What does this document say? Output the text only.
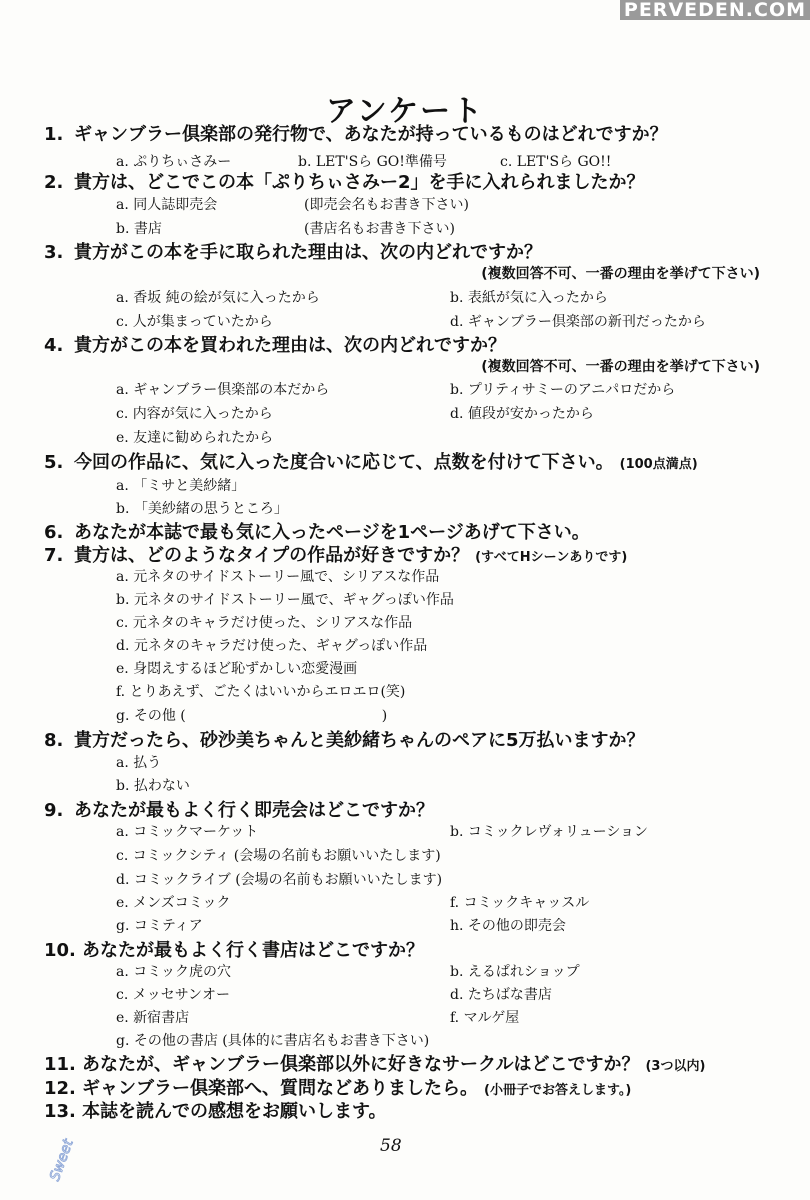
PERVEDEN.COM
アンケート
1. ギャンブラー倶楽部の発行物で、あなたが持っているものはどれですか？
a. ぷりちぃさみー	b. LET'Sら GO!準備号	c. LET'Sら GO!!
2. 貴方は、どこでこの本「ぷりちぃさみー2」を手に入れられましたか？
a. 同人誌即売会	(即売会名もお書き下さい)
b. 書店	(書店名もお書き下さい)
3. 貴方がこの本を手に取られた理由は、次の内どれですか？
(複数回答不可、一番の理由を挙げて下さい)
a. 香坂 純の絵が気に入ったから	b. 表紙が気に入ったから
c. 人が集まっていたから	d. ギャンブラー倶楽部の新刊だったから
4. 貴方がこの本を買われた理由は、次の内どれですか？
(複数回答不可、一番の理由を挙げて下さい)
a. ギャンブラー倶楽部の本だから	b. プリティサミーのアニパロだから
c. 内容が気に入ったから	d. 値段が安かったから
e. 友達に勧められたから
5. 今回の作品に、気に入った度合いに応じて、点数を付けて下さい。 (100点満点)
a. 「ミサと美紗緒」
b. 「美紗緒の思うところ」
6. あなたが本誌で最も気に入ったページを1ページあげて下さい。
7. 貴方は、どのようなタイプの作品が好きですか？ (すべてHシーンありです)
a. 元ネタのサイドストーリー風で、シリアスな作品
b. 元ネタのサイドストーリー風で、ギャグっぽい作品
c. 元ネタのキャラだけ使った、シリアスな作品
d. 元ネタのキャラだけ使った、ギャグっぽい作品
e. 身悶えするほど恥ずかしい恋愛漫画
f. とりあえず、ごたくはいいからエロエロ(笑)
g. その他 (　　　　　　　　　　　　　　)
8. 貴方だったら、砂沙美ちゃんと美紗緒ちゃんのペアに5万払いますか？
a. 払う
b. 払わない
9. あなたが最もよく行く即売会はどこですか？
a. コミックマーケット	b. コミックレヴォリューション
c. コミックシティ (会場の名前もお願いいたします)
d. コミックライブ (会場の名前もお願いいたします)
e. メンズコミック	f. コミックキャッスル
g. コミティア	h. その他の即売会
10. あなたが最もよく行く書店はどこですか？
a. コミック虎の穴	b. えるぱれショップ
c. メッセサンオー	d. たちばな書店
e. 新宿書店	f. マルゲ屋
g. その他の書店 (具体的に書店名もお書き下さい)
11. あなたが、ギャンブラー倶楽部以外に好きなサークルはどこですか？ (3つ以内)
12. ギャンブラー倶楽部へ、質問などありましたら。 (小冊子でお答えします。)
13. 本誌を読んでの感想をお願いします。
58
Sweet
